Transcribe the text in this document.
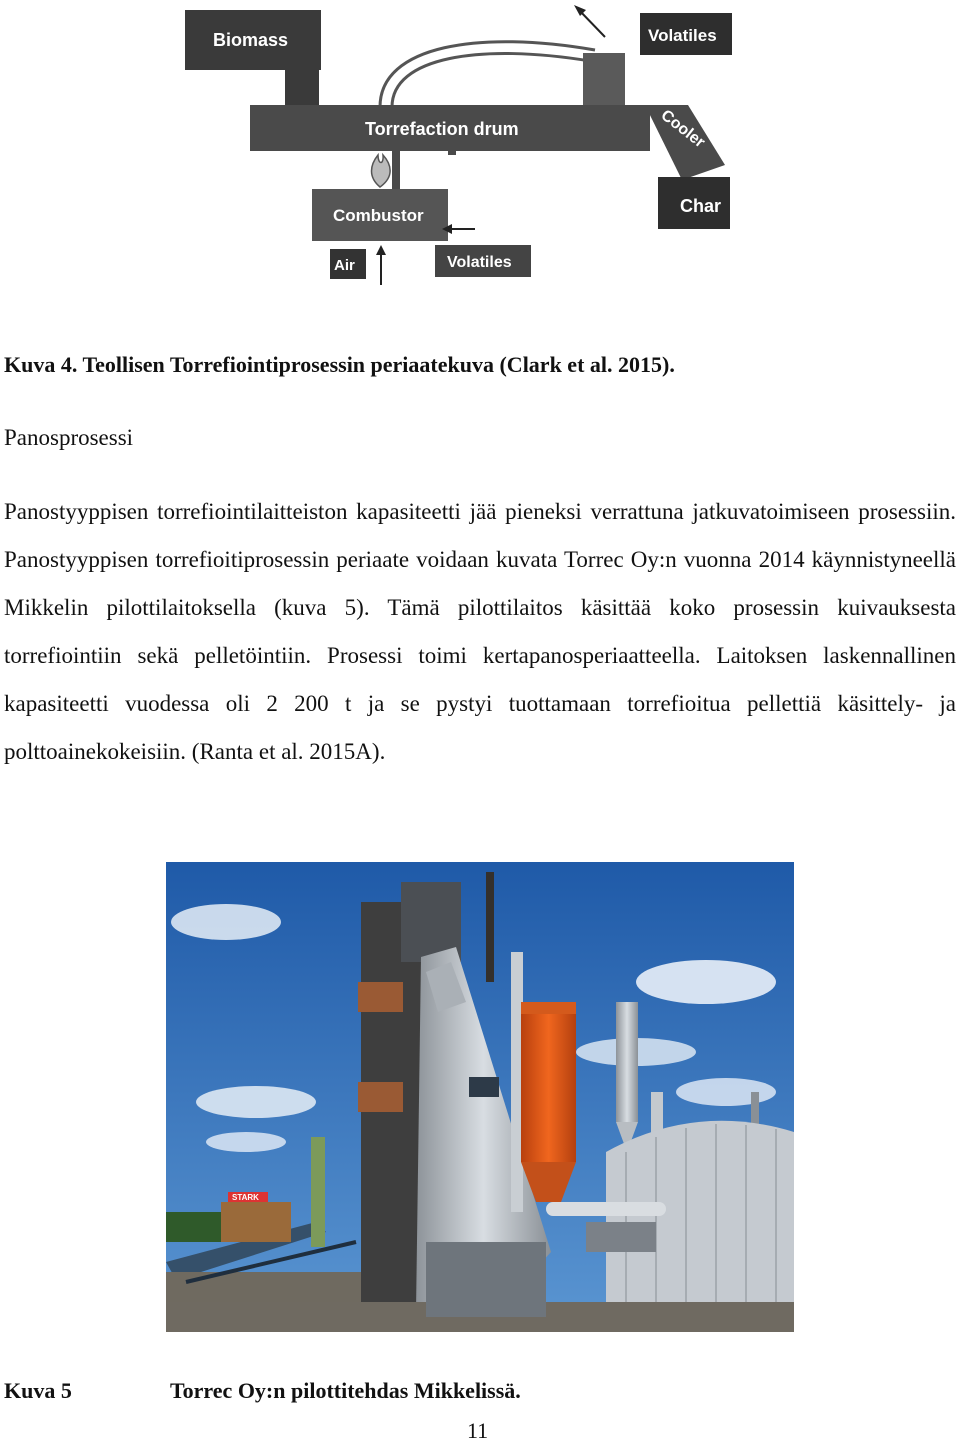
Biomass	Volatiles
Torrefaction drum	Cooler
Char
Combustor
Air	Volatiles
Kuva 4. Teollisen Torrefiointiprosessin periaatekuva (Clark et al. 2015).
Panosprosessi

Panostyyppisen torrefiointilaitteiston kapasiteetti jää pieneksi verrattuna jatkuvatoimiseen prosessiin. Panostyyppisen torrefioitiprosessin periaate voidaan kuvata Torrec Oy:n vuonna 2014 käynnistyneellä Mikkelin pilottilaitoksella (kuva 5). Tämä pilottilaitos käsittää koko prosessin kuivauksesta torrefiointiin sekä pelletöintiin. Prosessi toimi kertapanosperiaatteella. Laitoksen laskennallinen kapasiteetti vuodessa oli 2 200 t ja se pystyi tuottamaan torrefioitua pellettiä käsittely- ja polttoainekokeisiin. (Ranta et al. 2015A).

STARK
Kuva 5	Torrec Oy:n pilottitehdas Mikkelissä.
11
